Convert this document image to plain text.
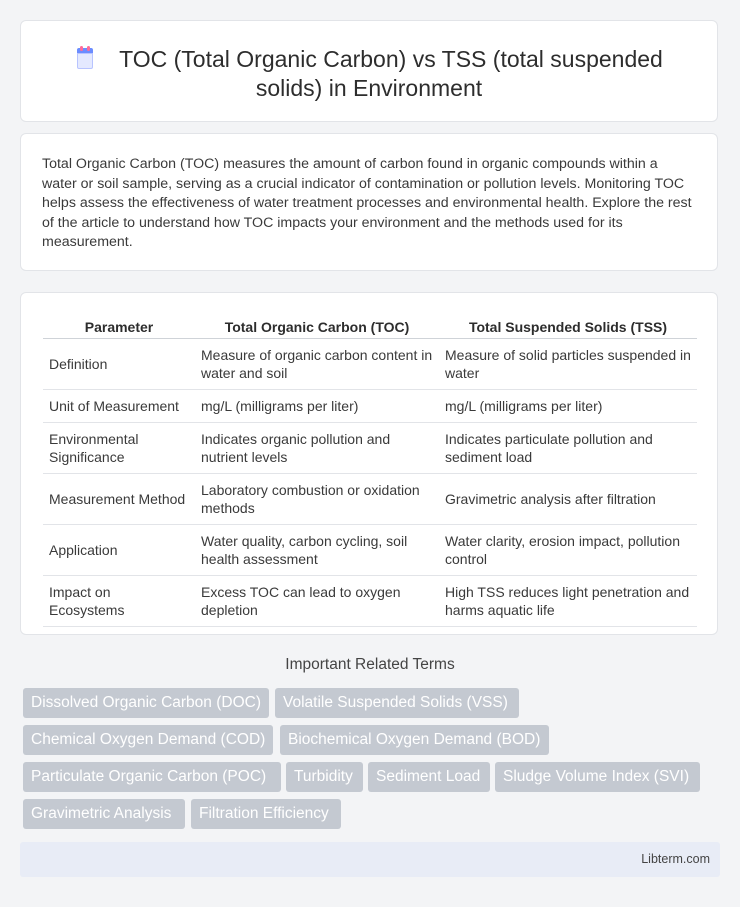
TOC (Total Organic Carbon) vs TSS (total suspended
solids) in Environment

Total Organic Carbon (TOC) measures the amount of carbon found in organic compounds within a water or soil sample, serving as a crucial indicator of contamination or pollution levels. Monitoring TOC helps assess the effectiveness of water treatment processes and environmental health. Explore the rest of the article to understand how TOC impacts your environment and the methods used for its measurement.

Parameter	Total Organic Carbon (TOC)	Total Suspended Solids (TSS)
Definition	Measure of organic carbon content in water and soil	Measure of solid particles suspended in water
Unit of Measurement	mg/L (milligrams per liter)	mg/L (milligrams per liter)
Environmental Significance	Indicates organic pollution and nutrient levels	Indicates particulate pollution and sediment load
Measurement Method	Laboratory combustion or oxidation methods	Gravimetric analysis after filtration
Application	Water quality, carbon cycling, soil health assessment	Water clarity, erosion impact, pollution control
Impact on Ecosystems	Excess TOC can lead to oxygen depletion	High TSS reduces light penetration and harms aquatic life
Important Related Terms
Dissolved Organic Carbon (DOC)	Volatile Suspended Solids (VSS)
Chemical Oxygen Demand (COD)	Biochemical Oxygen Demand (BOD)
Particulate Organic Carbon (POC)	Turbidity	Sediment Load	Sludge Volume Index (SVI)
Gravimetric Analysis	Filtration Efficiency
Libterm.com
